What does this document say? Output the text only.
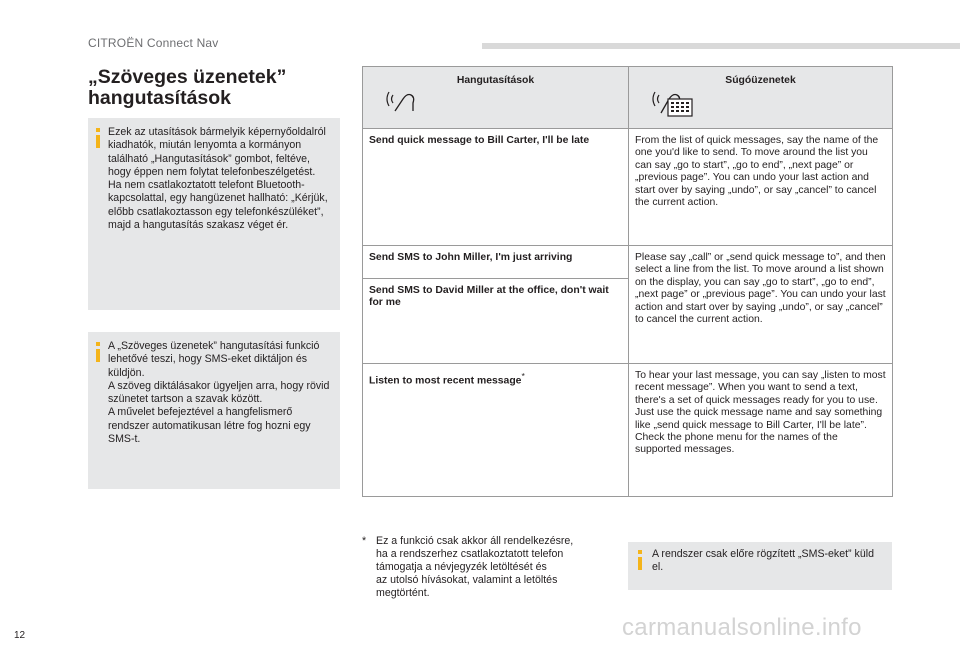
CITROËN Connect Nav
„Szöveges üzenetek”
hangutasítások
Ezek az utasítások bármelyik képernyőoldalról kiadhatók, miután lenyomta a kormányon található „Hangutasítások” gombot, feltéve, hogy éppen nem folytat telefonbeszélgetést.
Ha nem csatlakoztatott telefont Bluetooth-kapcsolattal, egy hangüzenet hallható: „Kérjük, előbb csatlakoztasson egy telefonkészüléket”, majd a hangutasítás szakasz véget ér.
A „Szöveges üzenetek” hangutasítási funkció lehetővé teszi, hogy SMS-eket diktáljon és küldjön.
A szöveg diktálásakor ügyeljen arra, hogy rövid szünetet tartson a szavak között.
A művelet befejeztével a hangfelismerő rendszer automatikusan létre fog hozni egy SMS-t.
Hangutasítások	Súgóüzenetek
Send quick message to Bill Carter, I'll be late	From the list of quick messages, say the name of the one you'd like to send. To move around the list you can say „go to start”, „go to end”, „next page” or „previous page”. You can undo your last action and start over by saying „undo”, or say „cancel” to cancel the current action.
Send SMS to John Miller, I'm just arriving	Please say „call” or „send quick message to”, and then select a line from the list. To move around a list shown on the display, you can say „go to start”, „go to end”, „next page” or „previous page”. You can undo your last action and start over by saying „undo”, or say „cancel” to cancel the current action.
Send SMS to David Miller at the office, don't wait for me	
Listen to most recent message*	To hear your last message, you can say „listen to most recent message”. When you want to send a text, there's a set of quick messages ready for you to use. Just use the quick message name and say something like „send quick message to Bill Carter, I'll be late”. Check the phone menu for the names of the supported messages.
* Ez a funkció csak akkor áll rendelkezésre,
ha a rendszerhez csatlakoztatott telefon
támogatja a névjegyzék letöltését és
az utolsó hívásokat, valamint a letöltés
megtörtént.
A rendszer csak előre rögzített „SMS-eket” küld el.
12	carmanualsonline.info
